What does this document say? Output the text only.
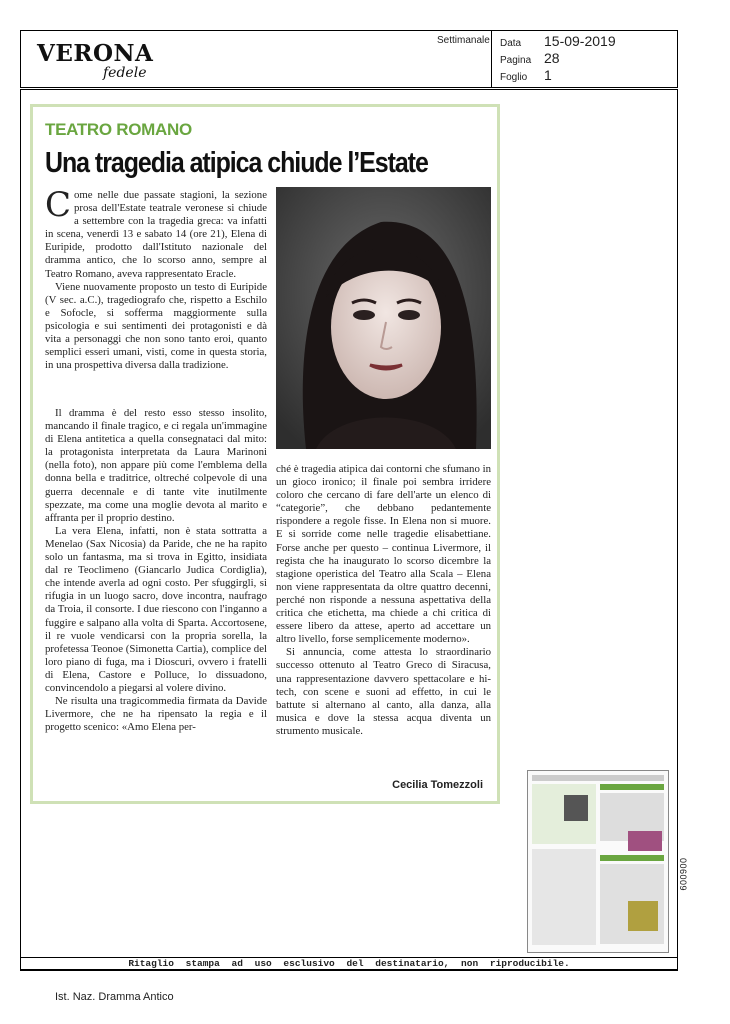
VERONA
fedele
Settimanale Data 15-09-2019
Pagina 28
Foglio 1
TEATRO ROMANO
Una tragedia atipica chiude l’Estate

Come nelle due passate stagioni, la sezione prosa dell'Estate teatrale veronese si chiude a settembre con la tragedia greca: va infatti in scena, venerdì 13 e sabato 14 (ore 21), Elena di Euripide, prodotto dall'Istituto nazionale del dramma antico, che lo scorso anno, sempre al Teatro Romano, aveva rappresentato Eracle.

Viene nuovamente proposto un testo di Euripide (V sec. a.C.), tragediografo che, rispetto a Eschilo e Sofocle, si sofferma maggiormente sulla psicologia e sui sentimenti dei protagonisti e dà vita a personaggi che non sono tanto eroi, quanto semplici esseri umani, visti, come in questa storia, in una prospettiva diversa dalla tradizione.

Il dramma è del resto esso stesso insolito, mancando il finale tragico, e ci regala un'immagine di Elena antitetica a quella consegnataci dal mito: la protagonista interpretata da Laura Marinoni (nella foto), non appare più come l'emblema della donna bella e traditrice, oltreché colpevole di una guerra decennale e di tante vite inutilmente spezzate, ma come una moglie devota al marito e affranta per il proprio destino.

La vera Elena, infatti, non è stata sottratta a Menelao (Sax Nicosia) da Paride, che ne ha rapito solo un fantasma, ma si trova in Egitto, insidiata dal re Teoclimeno (Giancarlo Judica Cordiglia), che intende averla ad ogni costo. Per sfuggirgli, si rifugia in un luogo sacro, dove incontra, naufrago da Troia, il consorte. I due riescono con l'inganno a fuggire e salpano alla volta di Sparta. Accortosene, il re vuole vendicarsi con la propria sorella, la profetessa Teonoe (Simonetta Cartia), complice del loro piano di fuga, ma i Dioscuri, ovvero i fratelli di Elena, Castore e Polluce, lo dissuadono, convincendolo a piegarsi al volere divino.

Ne risulta una tragicommedia firmata da Davide Livermore, che ne ha ripensato la regia e il progetto scenico: «Amo Elena per-

ché è tragedia atipica dai contorni che sfumano in un gioco ironico; il finale poi sembra irridere coloro che cercano di fare dell'arte un elenco di “categorie”, che debbano pedantemente rispondere a regole fisse. In Elena non si muore. E si sorride come nelle tragedie elisabettiane. Forse anche per questo – continua Livermore, il regista che ha inaugurato lo scorso dicembre la stagione operistica del Teatro alla Scala – Elena non viene rappresentata da oltre quattro decenni, perché non risponde a nessuna aspettativa della critica che etichetta, ma chiede a chi critica di essere libero da attese, aperto ad accettare un altro livello, forse semplicemente moderno».

Si annuncia, come attesta lo straordinario successo ottenuto al Teatro Greco di Siracusa, una rappresentazione davvero spettacolare e hi-tech, con scene e suoni ad effetto, in cui le battute si alternano al canto, alla danza, alla musica e dove la stessa acqua diventa un strumento musicale.

Cecilia Tomezzoli
006009
Ritaglio stampa ad uso esclusivo del destinatario, non riproducibile.
Ist. Naz. Dramma Antico
